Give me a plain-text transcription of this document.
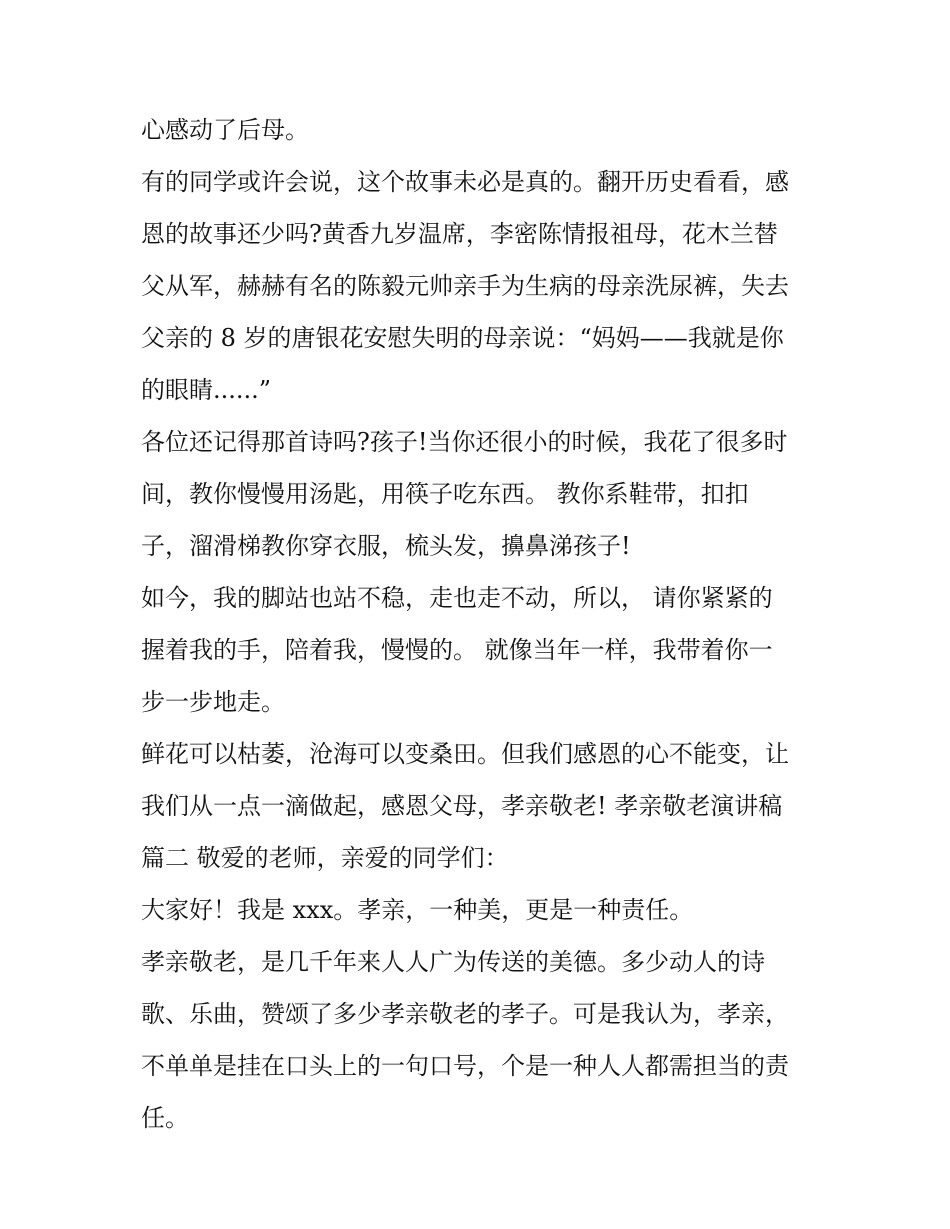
心感动了后母。
有的同学或许会说，这个故事未必是真的。翻开历史看看，感
恩的故事还少吗?黄香九岁温席，李密陈情报祖母，花木兰替
父从军，赫赫有名的陈毅元帅亲手为生病的母亲洗尿裤，失去
父亲的 8 岁的唐银花安慰失明的母亲说：“妈妈——我就是你
的眼睛......”
各位还记得那首诗吗?孩子!当你还很小的时候，我花了很多时
间，教你慢慢用汤匙，用筷子吃东西。 教你系鞋带，扣扣
子，溜滑梯教你穿衣服，梳头发，擤鼻涕孩子!
如今，我的脚站也站不稳，走也走不动，所以， 请你紧紧的
握着我的手，陪着我，慢慢的。 就像当年一样，我带着你一
步一步地走。
鲜花可以枯萎，沧海可以变桑田。但我们感恩的心不能变，让
我们从一点一滴做起，感恩父母，孝亲敬老! 孝亲敬老演讲稿
篇二 敬爱的老师，亲爱的同学们：
大家好！我是 xxx。孝亲，一种美，更是一种责任。
孝亲敬老，是几千年来人人广为传送的美德。多少动人的诗
歌、乐曲，赞颂了多少孝亲敬老的孝子。可是我认为，孝亲，
不单单是挂在口头上的一句口号，个是一种人人都需担当的责
任。
